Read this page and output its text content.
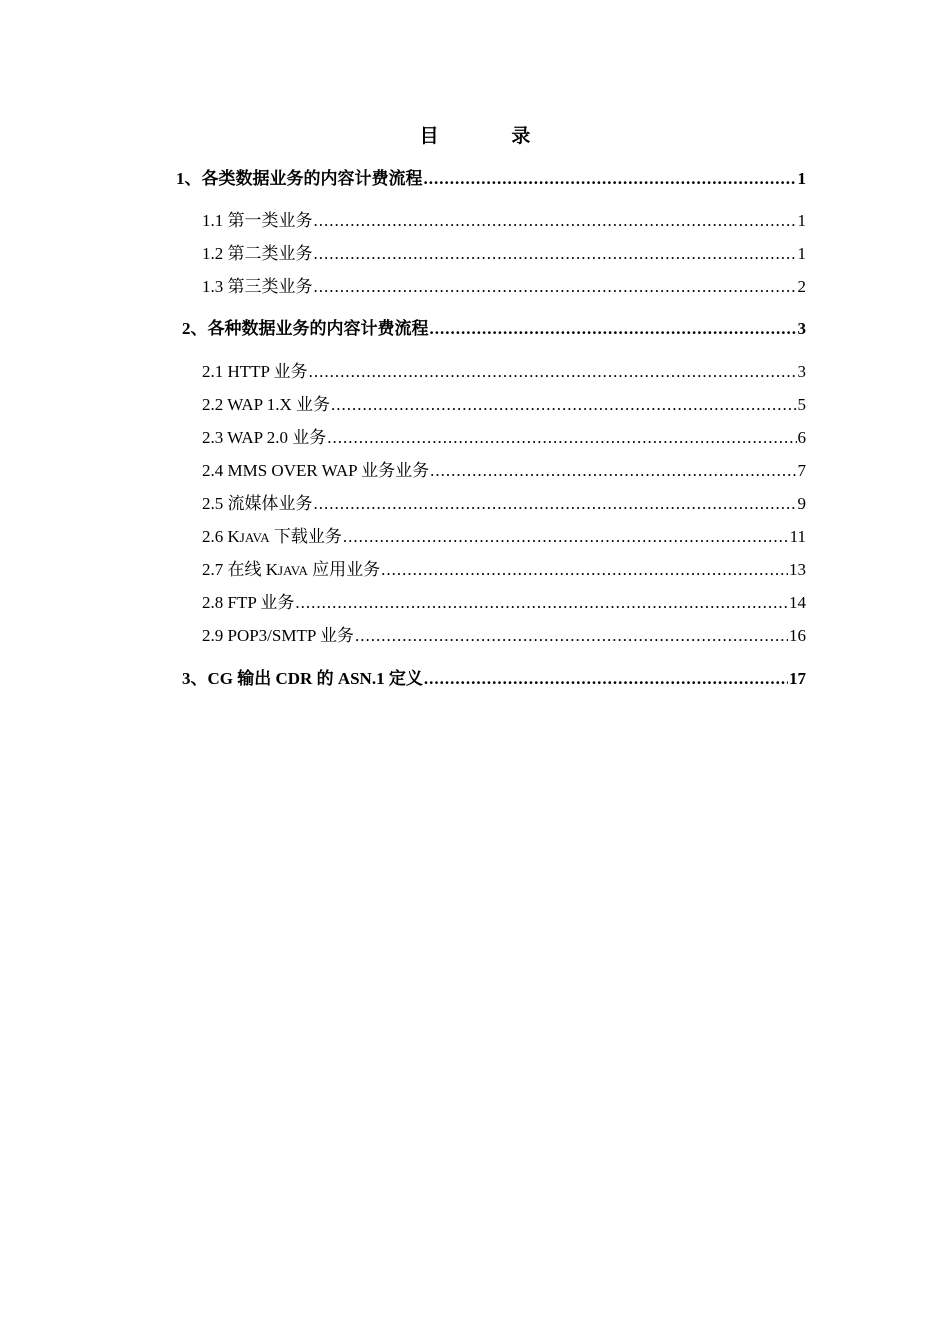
目 录
1、各类数据业务的内容计费流程 .....	1
1.1 第一类业务 .....	1
1.2 第二类业务 .....	1
1.3 第三类业务 .....	2
2、各种数据业务的内容计费流程 .....	3
2.1 HTTP 业务 .....	3
2.2 WAP 1.X 业务 .....	5
2.3 WAP 2.0 业务 .....	6
2.4 MMS OVER WAP 业务业务 .....	7
2.5 流媒体业务 .....	9
2.6 KJAVA 下载业务 .....	11
2.7 在线 KJAVA 应用业务 .....	13
2.8 FTP 业务 .....	14
2.9 POP3/SMTP 业务 .....	16
3、CG 输出 CDR 的 ASN.1 定义 .....	17
